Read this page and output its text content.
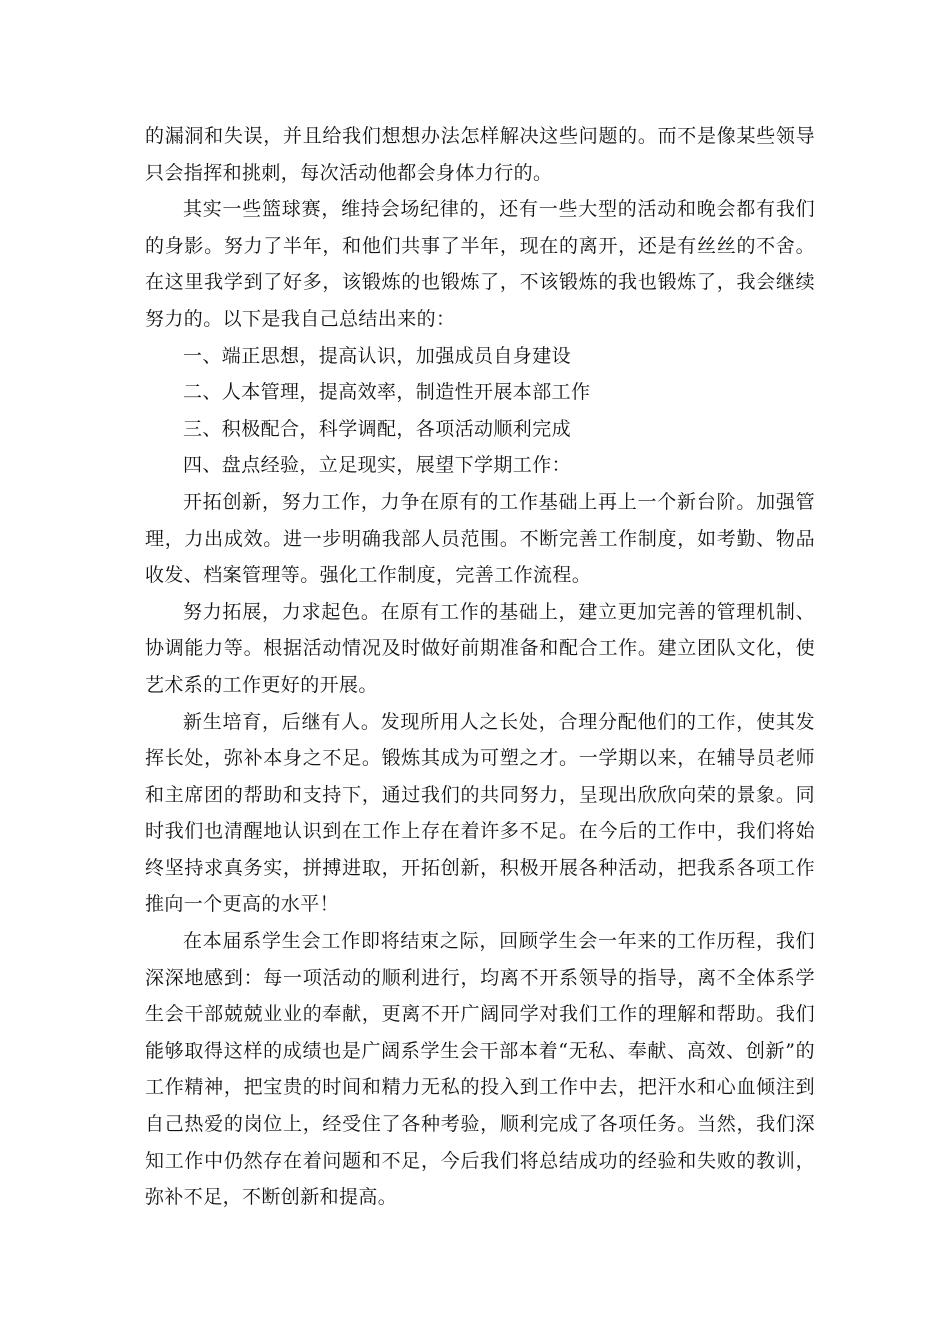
的漏洞和失误，并且给我们想想办法怎样解决这些问题的。而不是像某些领导只会指挥和挑刺，每次活动他都会身体力行的。

其实一些篮球赛，维持会场纪律的，还有一些大型的活动和晚会都有我们的身影。努力了半年，和他们共事了半年，现在的离开，还是有丝丝的不舍。在这里我学到了好多，该锻炼的也锻炼了，不该锻炼的我也锻炼了，我会继续努力的。以下是我自己总结出来的：

一、端正思想，提高认识，加强成员自身建设

二、人本管理，提高效率，制造性开展本部工作

三、积极配合，科学调配，各项活动顺利完成

四、盘点经验，立足现实，展望下学期工作：

开拓创新，努力工作，力争在原有的工作基础上再上一个新台阶。加强管理，力出成效。进一步明确我部人员范围。不断完善工作制度，如考勤、物品收发、档案管理等。强化工作制度，完善工作流程。

努力拓展，力求起色。在原有工作的基础上，建立更加完善的管理机制、协调能力等。根据活动情况及时做好前期准备和配合工作。建立团队文化，使艺术系的工作更好的开展。

新生培育，后继有人。发现所用人之长处，合理分配他们的工作，使其发挥长处，弥补本身之不足。锻炼其成为可塑之才。一学期以来，在辅导员老师和主席团的帮助和支持下，通过我们的共同努力，呈现出欣欣向荣的景象。同时我们也清醒地认识到在工作上存在着许多不足。在今后的工作中，我们将始终坚持求真务实，拼搏进取，开拓创新，积极开展各种活动，把我系各项工作推向一个更高的水平！

在本届系学生会工作即将结束之际，回顾学生会一年来的工作历程，我们深深地感到：每一项活动的顺利进行，均离不开系领导的指导，离不全体系学生会干部兢兢业业的奉献，更离不开广阔同学对我们工作的理解和帮助。我们能够取得这样的成绩也是广阔系学生会干部本着“无私、奉献、高效、创新”的工作精神，把宝贵的时间和精力无私的投入到工作中去，把汗水和心血倾注到自己热爱的岗位上，经受住了各种考验，顺利完成了各项任务。当然，我们深知工作中仍然存在着问题和不足，今后我们将总结成功的经验和失败的教训，弥补不足，不断创新和提高。
